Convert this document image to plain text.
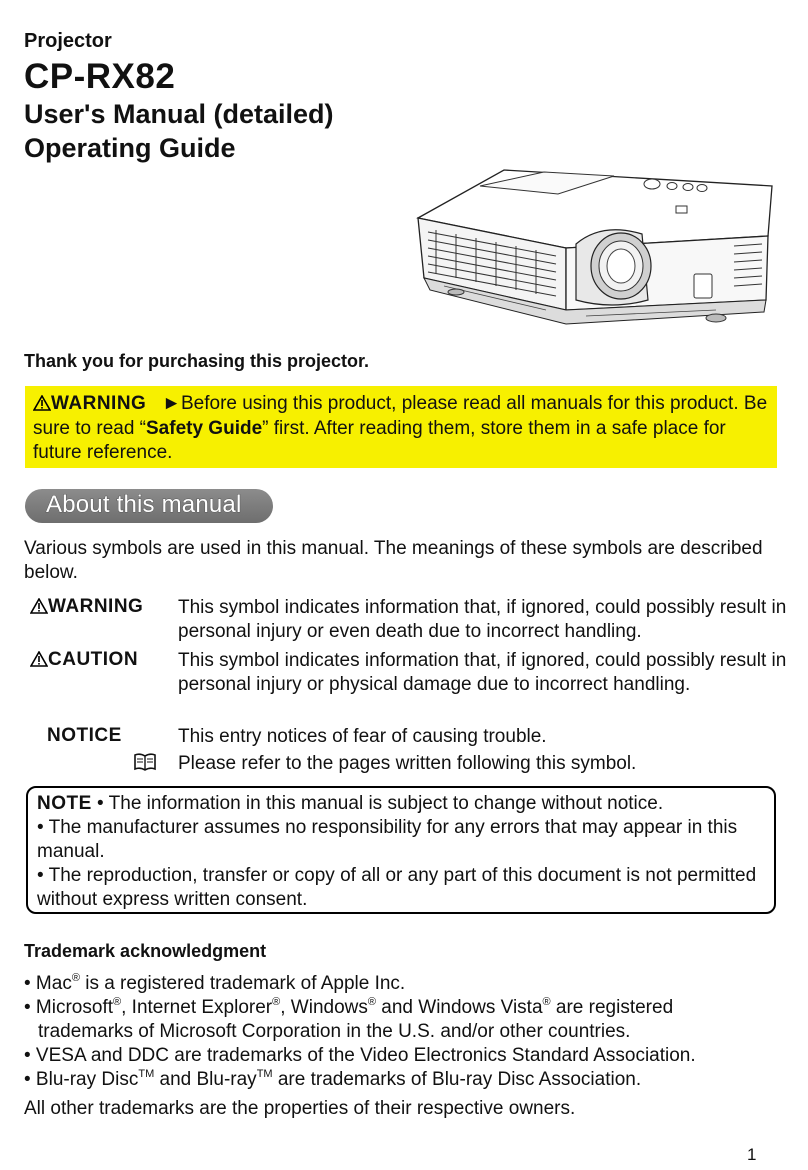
Projector
CP-RX82
User's Manual (detailed)
Operating Guide
Thank you for purchasing this projector.
WARNING ►Before using this product, please read all manuals for this product. Be sure to read “Safety Guide” first. After reading them, store them in a safe place for future reference.
About this manual
Various symbols are used in this manual. The meanings of these symbols are described below.
WARNING This symbol indicates information that, if ignored, could possibly result in personal injury or even death due to incorrect handling.
CAUTION This symbol indicates information that, if ignored, could possibly result in personal injury or physical damage due to incorrect handling.
NOTICE	This entry notices of fear of causing trouble.
Please refer to the pages written following this symbol.
NOTE • The information in this manual is subject to change without notice.
• The manufacturer assumes no responsibility for any errors that may appear in this manual.
• The reproduction, transfer or copy of all or any part of this document is not permitted without express written consent.
Trademark acknowledgment
• Mac® is a registered trademark of Apple Inc.
• Microsoft®, Internet Explorer®, Windows® and Windows Vista® are registered
trademarks of Microsoft Corporation in the U.S. and/or other countries.
• VESA and DDC are trademarks of the Video Electronics Standard Association.
• Blu-ray Disc™ and Blu-ray™ are trademarks of Blu-ray Disc Association.
All other trademarks are the properties of their respective owners.
1
